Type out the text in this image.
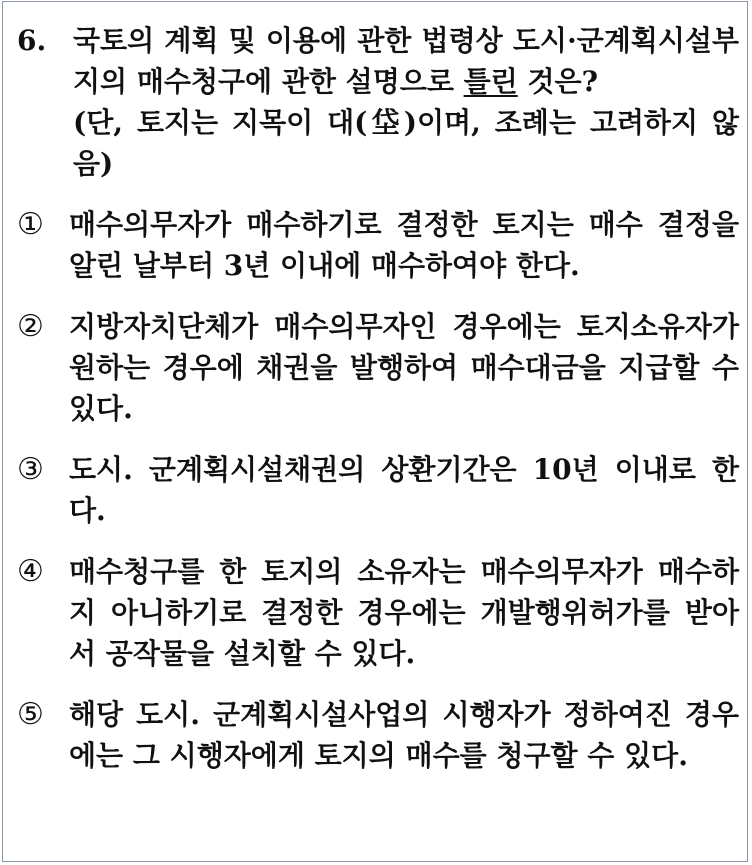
6. 국토의 계획 및 이용에 관한 법령상 도시·군계획시설부지의 매수청구에 관한 설명으로 틀린 것은?
(단, 토지는 지목이 대(垈)이며, 조례는 고려하지 않음)
① 매수의무자가 매수하기로 결정한 토지는 매수 결정을 알린 날부터 3년 이내에 매수하여야 한다.
② 지방자치단체가 매수의무자인 경우에는 토지소유자가 원하는 경우에 채권을 발행하여 매수대금을 지급할 수 있다.
③ 도시. 군계획시설채권의 상환기간은 10년 이내로 한다.
④ 매수청구를 한 토지의 소유자는 매수의무자가 매수하지 아니하기로 결정한 경우에는 개발행위허가를 받아서 공작물을 설치할 수 있다.
⑤ 해당 도시. 군계획시설사업의 시행자가 정하여진 경우에는 그 시행자에게 토지의 매수를 청구할 수 있다.
